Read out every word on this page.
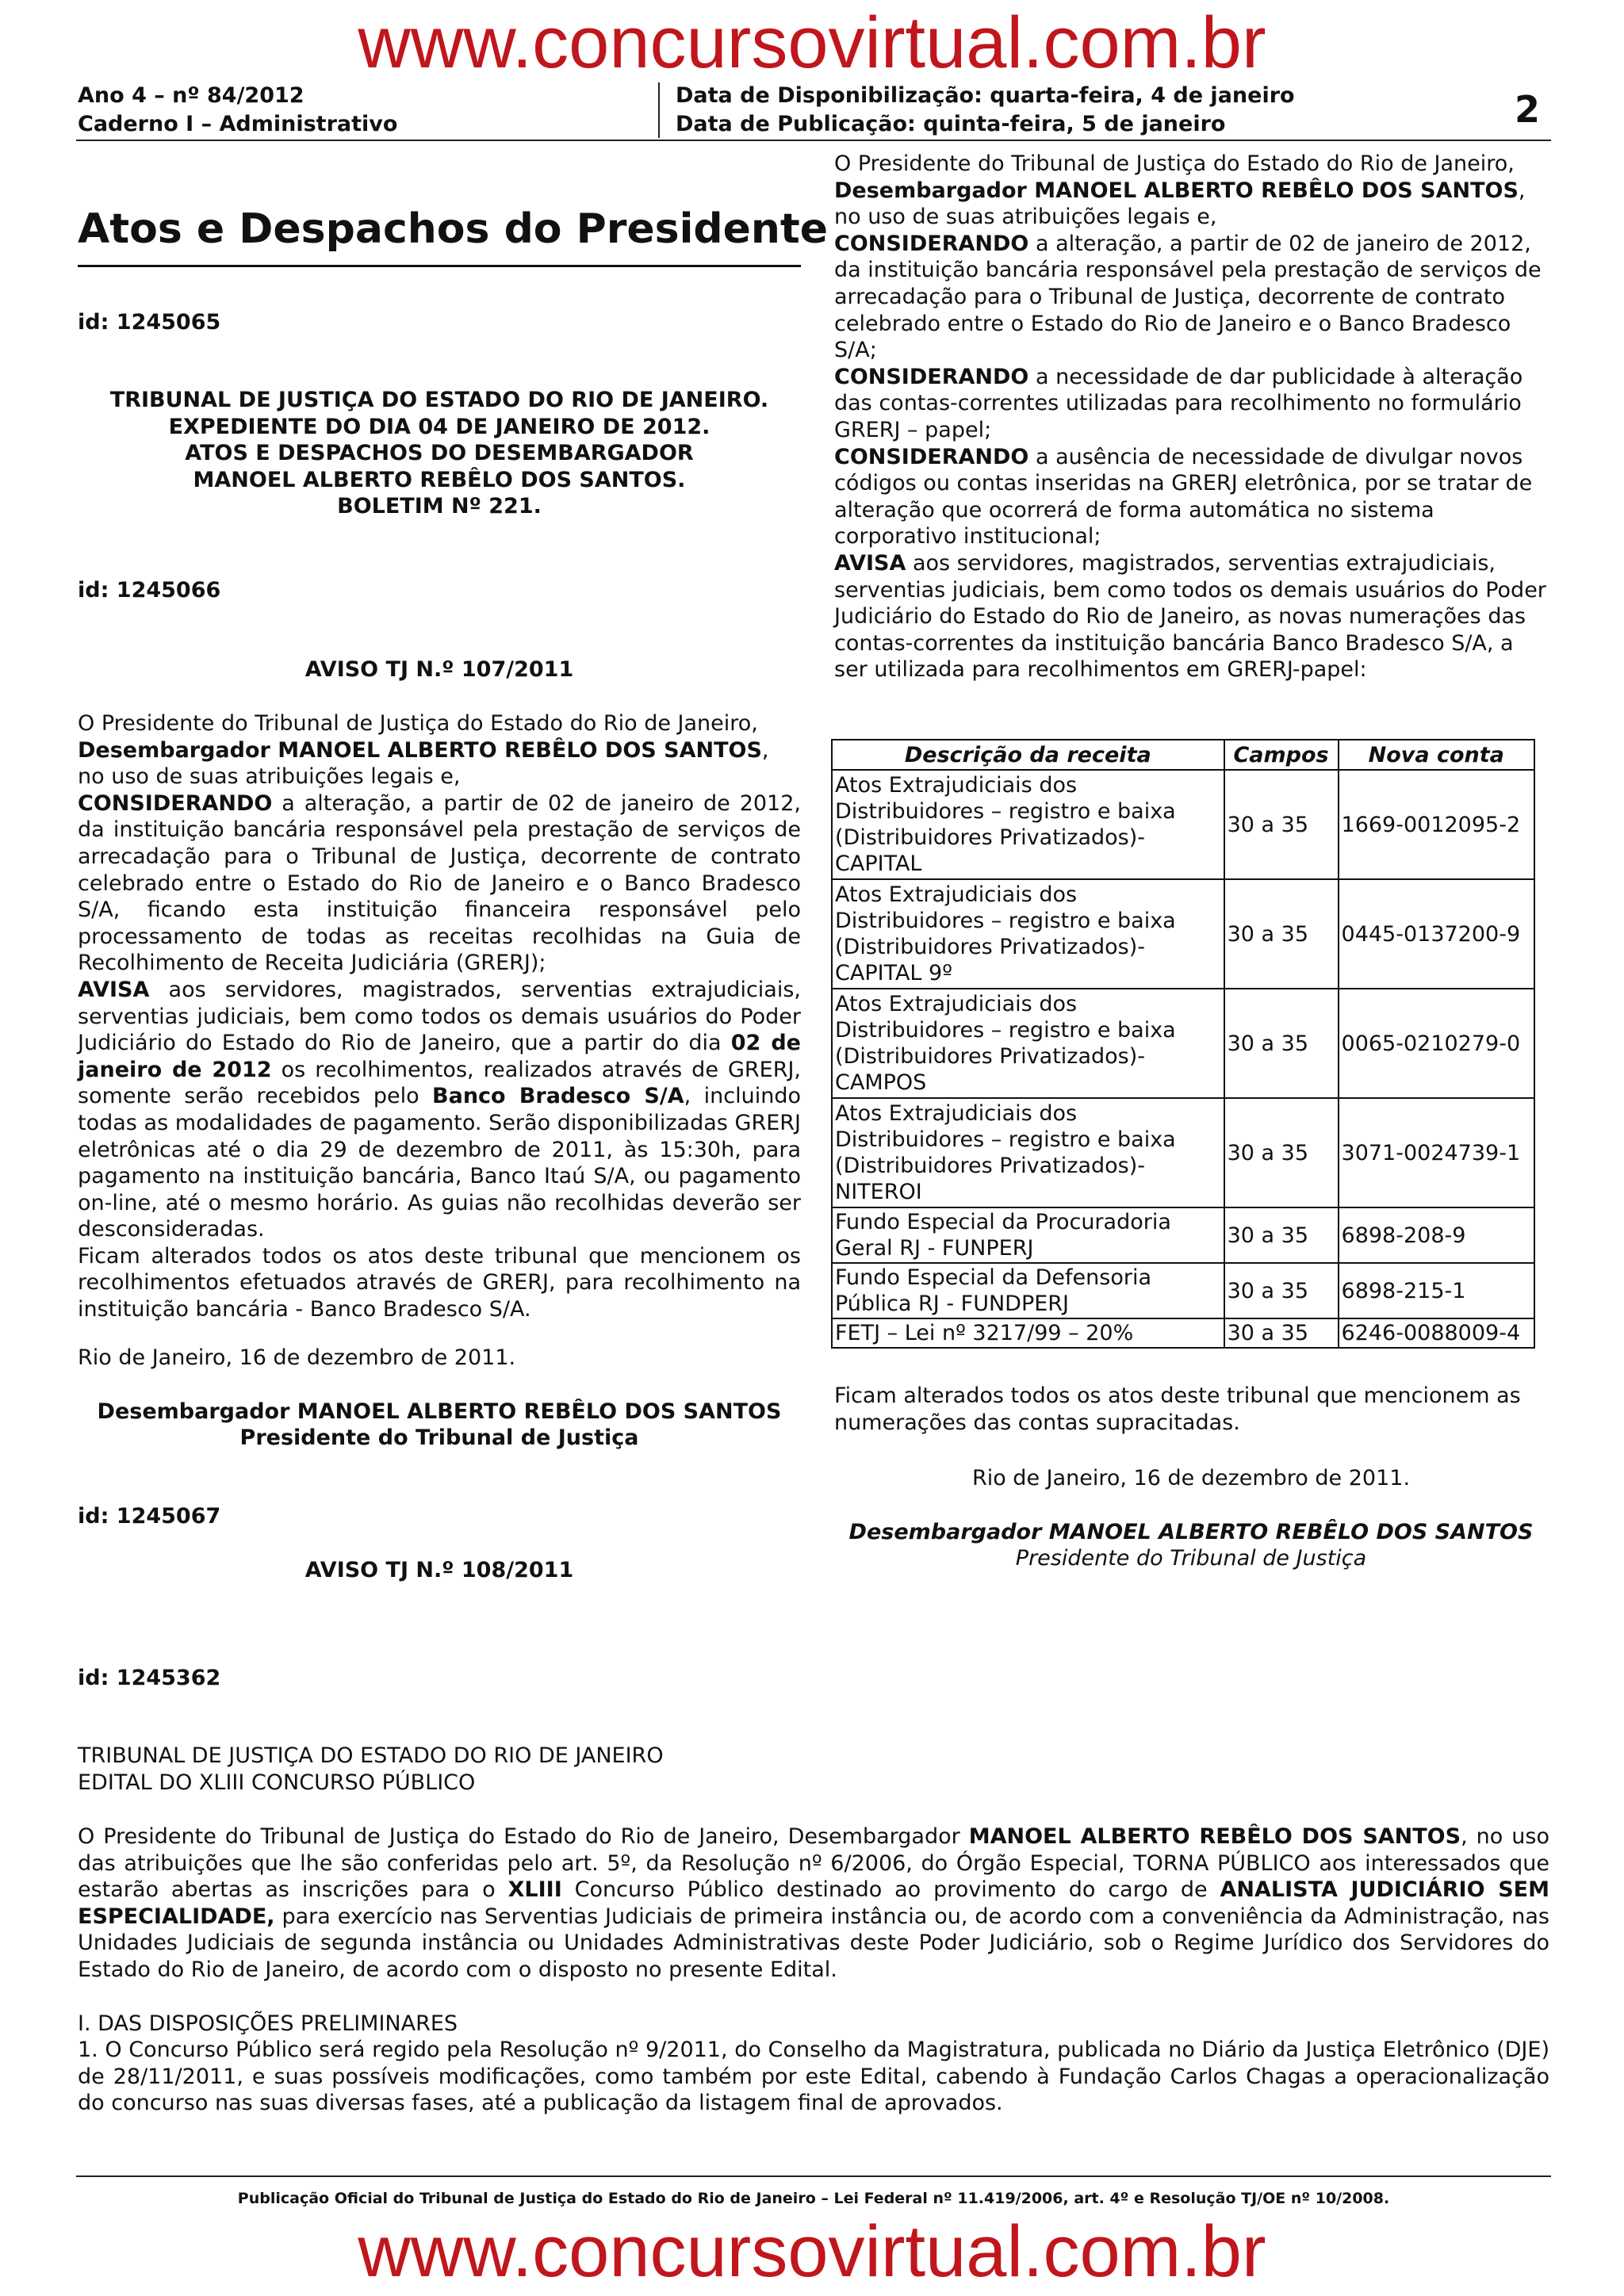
www.concursovirtual.com.br
Ano 4 – nº 84/2012
Caderno I – Administrativo
Data de Disponibilização: quarta-feira, 4 de janeiro
Data de Publicação: quinta-feira, 5 de janeiro	2
Atos e Despachos do Presidente
id: 1245065
TRIBUNAL DE JUSTIÇA DO ESTADO DO RIO DE JANEIRO.
EXPEDIENTE DO DIA 04 DE JANEIRO DE 2012.
ATOS E DESPACHOS DO DESEMBARGADOR
MANOEL ALBERTO REBÊLO DOS SANTOS.
BOLETIM Nº 221.
id: 1245066
AVISO TJ N.º 107/2011

O Presidente do Tribunal de Justiça do Estado do Rio de Janeiro,

Desembargador MANOEL ALBERTO REBÊLO DOS SANTOS,

no uso de suas atribuições legais e,

CONSIDERANDO a alteração, a partir de 02 de janeiro de 2012, da instituição bancária responsável pela prestação de serviços de arrecadação para o Tribunal de Justiça, decorrente de contrato celebrado entre o Estado do Rio de Janeiro e o Banco Bradesco S/A, ficando esta instituição financeira responsável pelo processamento de todas as receitas recolhidas na Guia de Recolhimento de Receita Judiciária (GRERJ);

AVISA aos servidores, magistrados, serventias extrajudiciais, serventias judiciais, bem como todos os demais usuários do Poder Judiciário do Estado do Rio de Janeiro, que a partir do dia 02 de janeiro de 2012 os recolhimentos, realizados através de GRERJ, somente serão recebidos pelo Banco Bradesco S/A, incluindo todas as modalidades de pagamento. Serão disponibilizadas GRERJ eletrônicas até o dia 29 de dezembro de 2011, às 15:30h, para pagamento na instituição bancária, Banco Itaú S/A, ou pagamento on-line, até o mesmo horário. As guias não recolhidas deverão ser desconsideradas.

Ficam alterados todos os atos deste tribunal que mencionem os recolhimentos efetuados através de GRERJ, para recolhimento na instituição bancária - Banco Bradesco S/A.

Rio de Janeiro, 16 de dezembro de 2011.
Desembargador MANOEL ALBERTO REBÊLO DOS SANTOS
Presidente do Tribunal de Justiça
id: 1245067
AVISO TJ N.º 108/2011

O Presidente do Tribunal de Justiça do Estado do Rio de Janeiro,

Desembargador MANOEL ALBERTO REBÊLO DOS SANTOS,

no uso de suas atribuições legais e,

CONSIDERANDO a alteração, a partir de 02 de janeiro de 2012, da instituição bancária responsável pela prestação de serviços de arrecadação para o Tribunal de Justiça, decorrente de contrato celebrado entre o Estado do Rio de Janeiro e o Banco Bradesco S/A;

CONSIDERANDO a necessidade de dar publicidade à alteração das contas-correntes utilizadas para recolhimento no formulário GRERJ – papel;

CONSIDERANDO a ausência de necessidade de divulgar novos códigos ou contas inseridas na GRERJ eletrônica, por se tratar de alteração que ocorrerá de forma automática no sistema corporativo institucional;

AVISA aos servidores, magistrados, serventias extrajudiciais, serventias judiciais, bem como todos os demais usuários do Poder Judiciário do Estado do Rio de Janeiro, as novas numerações das contas-correntes da instituição bancária Banco Bradesco S/A, a ser utilizada para recolhimentos em GRERJ-papel:

Descrição da receita	Campos	Nova conta
Atos Extrajudiciais dos Distribuidores – registro e baixa (Distribuidores Privatizados)-CAPITAL	30 a 35	1669-0012095-2
Atos Extrajudiciais dos Distribuidores – registro e baixa (Distribuidores Privatizados)-CAPITAL 9º	30 a 35	0445-0137200-9
Atos Extrajudiciais dos Distribuidores – registro e baixa (Distribuidores Privatizados)-CAMPOS	30 a 35	0065-0210279-0
Atos Extrajudiciais dos Distribuidores – registro e baixa (Distribuidores Privatizados)-NITEROI	30 a 35	3071-0024739-1
Fundo Especial da Procuradoria Geral RJ - FUNPERJ	30 a 35	6898-208-9
Fundo Especial da Defensoria Pública RJ - FUNDPERJ	30 a 35	6898-215-1
FETJ – Lei nº 3217/99 – 20%	30 a 35	6246-0088009-4
Ficam alterados todos os atos deste tribunal que mencionem as numerações das contas supracitadas.
Rio de Janeiro, 16 de dezembro de 2011.
Desembargador MANOEL ALBERTO REBÊLO DOS SANTOS
Presidente do Tribunal de Justiça
id: 1245362
TRIBUNAL DE JUSTIÇA DO ESTADO DO RIO DE JANEIRO
EDITAL DO XLIII CONCURSO PÚBLICO
O Presidente do Tribunal de Justiça do Estado do Rio de Janeiro, Desembargador MANOEL ALBERTO REBÊLO DOS SANTOS, no uso das atribuições que lhe são conferidas pelo art. 5º, da Resolução nº 6/2006, do Órgão Especial, TORNA PÚBLICO aos interessados que estarão abertas as inscrições para o XLIII Concurso Público destinado ao provimento do cargo de ANALISTA JUDICIÁRIO SEM ESPECIALIDADE, para exercício nas Serventias Judiciais de primeira instância ou, de acordo com a conveniência da Administração, nas Unidades Judiciais de segunda instância ou Unidades Administrativas deste Poder Judiciário, sob o Regime Jurídico dos Servidores do Estado do Rio de Janeiro, de acordo com o disposto no presente Edital.
I. DAS DISPOSIÇÕES PRELIMINARES
1. O Concurso Público será regido pela Resolução nº 9/2011, do Conselho da Magistratura, publicada no Diário da Justiça Eletrônico (DJE) de 28/11/2011, e suas possíveis modificações, como também por este Edital, cabendo à Fundação Carlos Chagas a operacionalização do concurso nas suas diversas fases, até a publicação da listagem final de aprovados.
Publicação Oficial do Tribunal de Justiça do Estado do Rio de Janeiro – Lei Federal nº 11.419/2006, art. 4º e Resolução TJ/OE nº 10/2008.
www.concursovirtual.com.br
